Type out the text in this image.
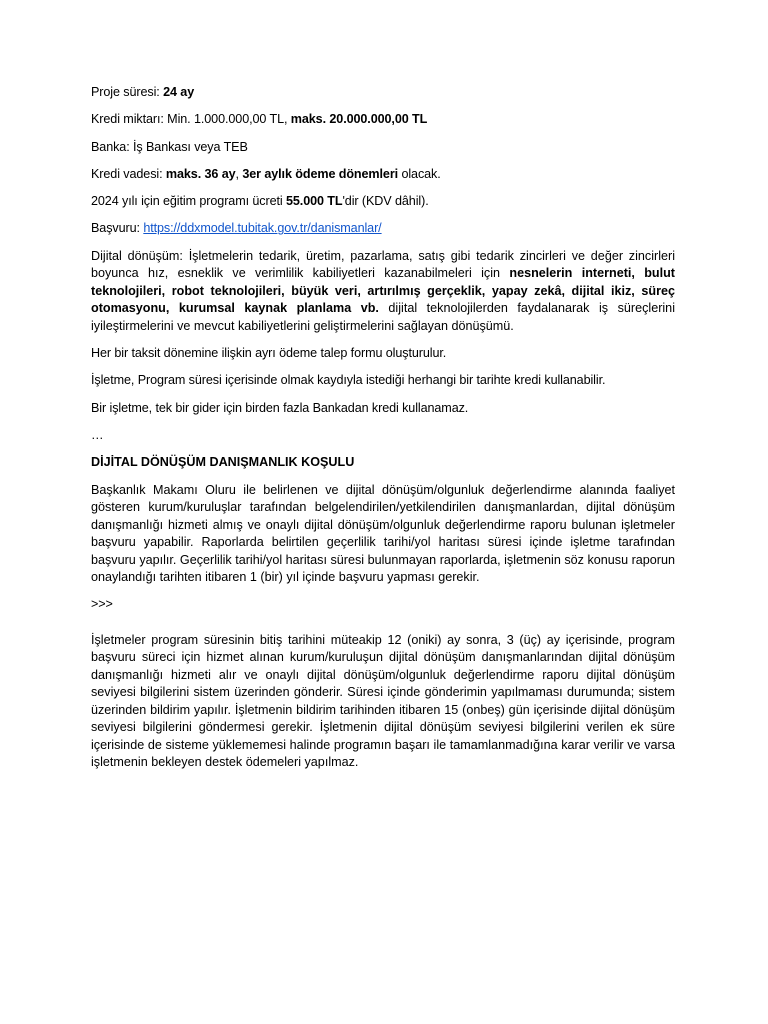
Proje süresi: 24 ay

Kredi miktarı: Min. 1.000.000,00 TL, maks. 20.000.000,00 TL

Banka: İş Bankası veya TEB

Kredi vadesi: maks. 36 ay, 3er aylık ödeme dönemleri olacak.

2024 yılı için eğitim programı ücreti 55.000 TL'dir (KDV dâhil).

Başvuru: https://ddxmodel.tubitak.gov.tr/danismanlar/

Dijital dönüşüm: İşletmelerin tedarik, üretim, pazarlama, satış gibi tedarik zincirleri ve değer zincirleri boyunca hız, esneklik ve verimlilik kabiliyetleri kazanabilmeleri için nesnelerin interneti, bulut teknolojileri, robot teknolojileri, büyük veri, artırılmış gerçeklik, yapay zekâ, dijital ikiz, süreç otomasyonu, kurumsal kaynak planlama vb. dijital teknolojilerden faydalanarak iş süreçlerini iyileştirmelerini ve mevcut kabiliyetlerini geliştirmelerini sağlayan dönüşümü.

Her bir taksit dönemine ilişkin ayrı ödeme talep formu oluşturulur.

İşletme, Program süresi içerisinde olmak kaydıyla istediği herhangi bir tarihte kredi kullanabilir.

Bir işletme, tek bir gider için birden fazla Bankadan kredi kullanamaz.

…

DİJİTAL DÖNÜŞÜM DANIŞMANLIK KOŞULU

Başkanlık Makamı Oluru ile belirlenen ve dijital dönüşüm/olgunluk değerlendirme alanında faaliyet gösteren kurum/kuruluşlar tarafından belgelendirilen/yetkilendirilen danışmanlardan, dijital dönüşüm danışmanlığı hizmeti almış ve onaylı dijital dönüşüm/olgunluk değerlendirme raporu bulunan işletmeler başvuru yapabilir. Raporlarda belirtilen geçerlilik tarihi/yol haritası süresi içinde işletme tarafından başvuru yapılır. Geçerlilik tarihi/yol haritası süresi bulunmayan raporlarda, işletmenin söz konusu raporun onaylandığı tarihten itibaren 1 (bir) yıl içinde başvuru yapması gerekir.

>>>

İşletmeler program süresinin bitiş tarihini müteakip 12 (oniki) ay sonra, 3 (üç) ay içerisinde, program başvuru süreci için hizmet alınan kurum/kuruluşun dijital dönüşüm danışmanlarından dijital dönüşüm danışmanlığı hizmeti alır ve onaylı dijital dönüşüm/olgunluk değerlendirme raporu dijital dönüşüm seviyesi bilgilerini sistem üzerinden gönderir. Süresi içinde gönderimin yapılmaması durumunda; sistem üzerinden bildirim yapılır. İşletmenin bildirim tarihinden itibaren 15 (onbeş) gün içerisinde dijital dönüşüm seviyesi bilgilerini göndermesi gerekir. İşletmenin dijital dönüşüm seviyesi bilgilerini verilen ek süre içerisinde de sisteme yüklememesi halinde programın başarı ile tamamlanmadığına karar verilir ve varsa işletmenin bekleyen destek ödemeleri yapılmaz.
